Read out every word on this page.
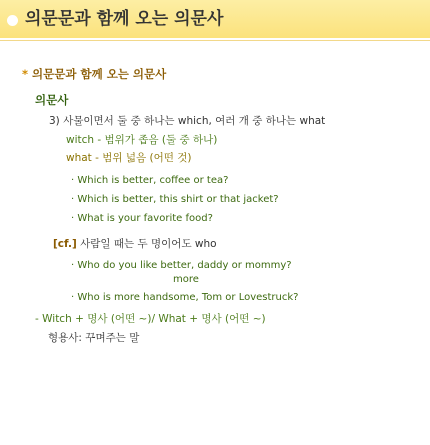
의문문과 함께 오는 의문사
* 의문문과 함께 오는 의문사
의문사
3) 사물이면서 둘 중 하나는 which, 여러 개 중 하나는 what
witch - 범위가 좁음 (둘 중 하나)
what - 범위 넓음 (어떤 것)
· Which is better, coffee or tea?
· Which is better, this shirt or that jacket?
· What is your favorite food?
[cf.] 사람일 때는 두 명이어도 who
· Who do you like better, daddy or mommy?
more
· Who is more handsome, Tom or Lovestruck?
- Witch + 명사 (어떤 ~)/ What + 명사 (어떤 ~)
형용사: 꾸며주는 말
